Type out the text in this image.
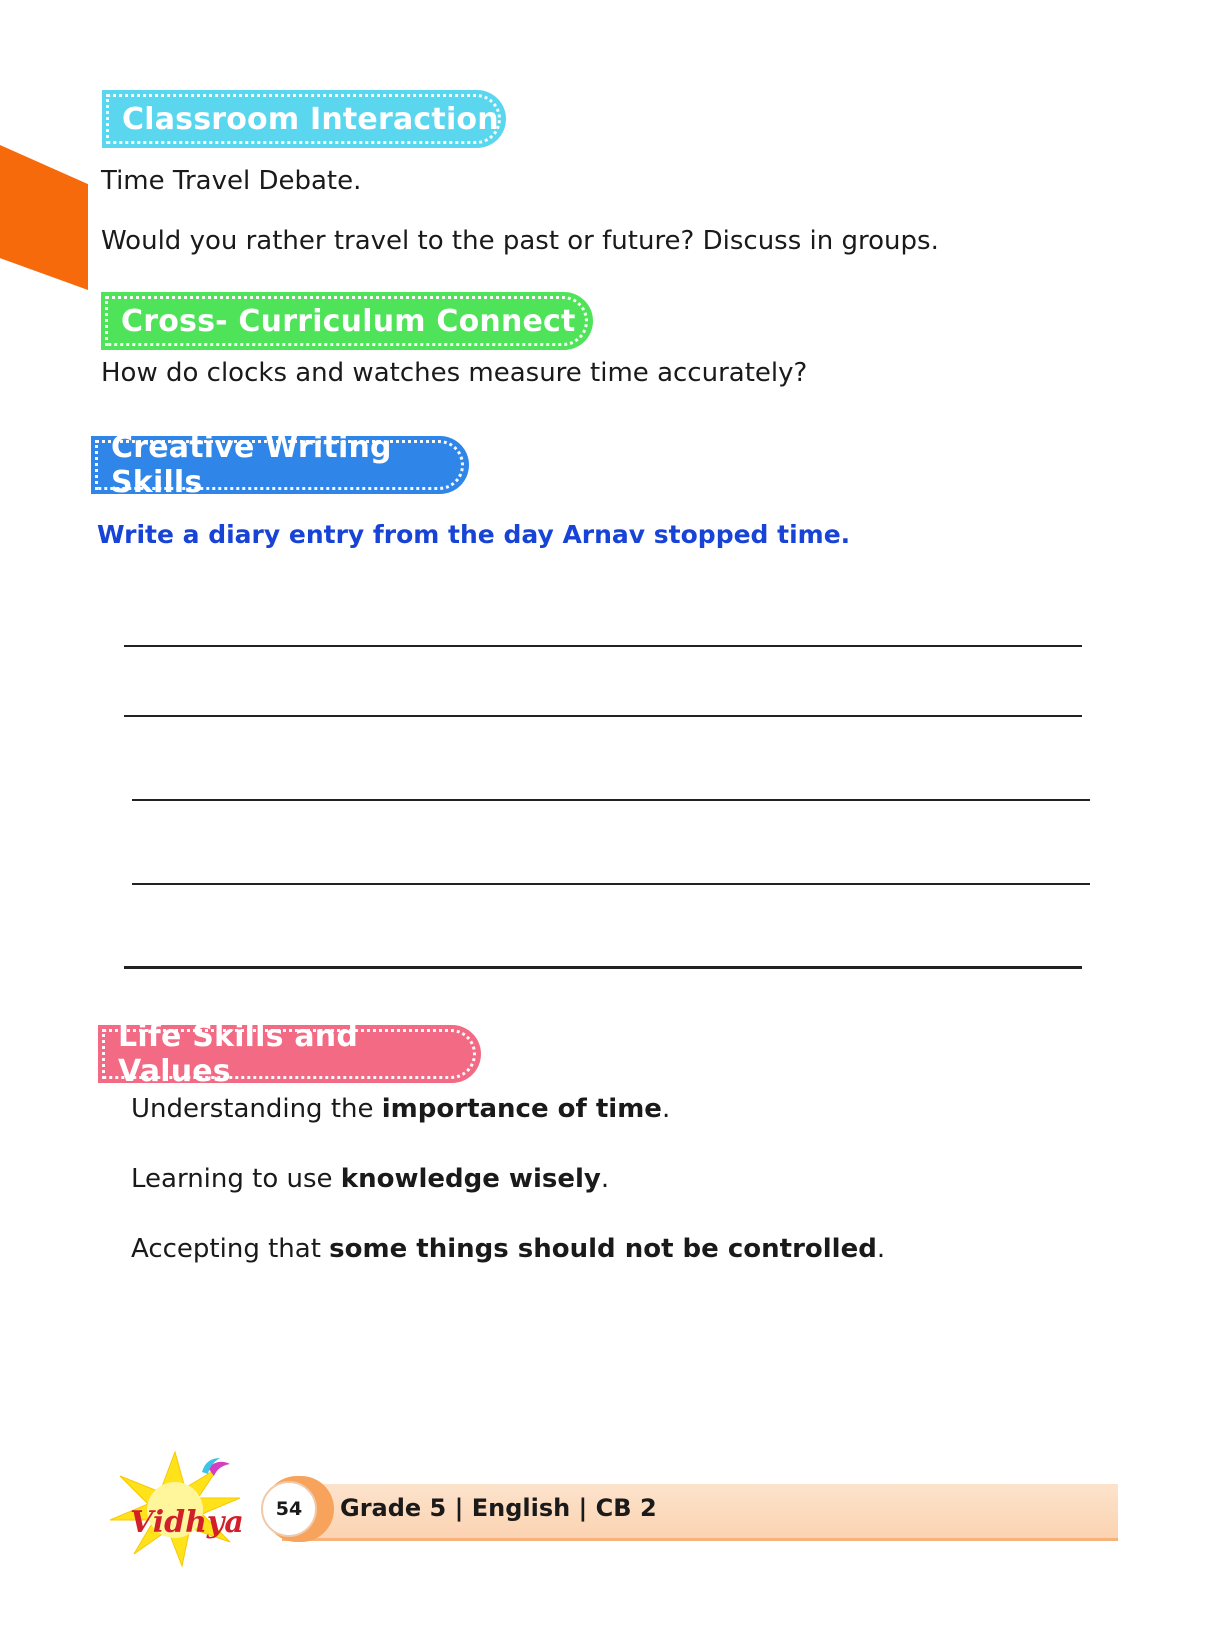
Classroom Interaction
Time Travel Debate.
Would you rather travel to the past or future? Discuss in groups.
Cross- Curriculum Connect
How do clocks and watches measure time accurately?
Creative Writing Skills
Write a diary entry from the day Arnav stopped time.
Life Skills and Values
Understanding the importance of time.
Learning to use knowledge wisely.
Accepting that some things should not be controlled.
54 Grade 5 | English | CB 2
Vidhya
